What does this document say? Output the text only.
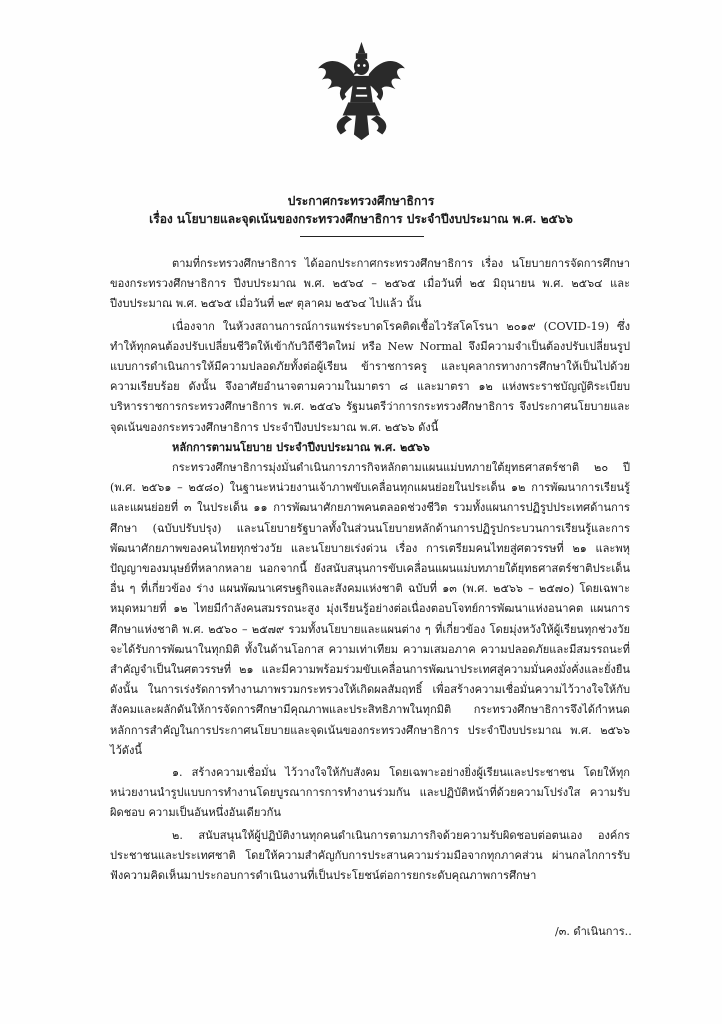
ประกาศกระทรวงศึกษาธิการ
เรื่อง นโยบายและจุดเน้นของกระทรวงศึกษาธิการ ประจำปีงบประมาณ พ.ศ. ๒๕๖๖

ตามที่กระทรวงศึกษาธิการ ได้ออกประกาศกระทรวงศึกษาธิการ เรื่อง นโยบายการจัดการศึกษาของกระทรวงศึกษาธิการ ปีงบประมาณ พ.ศ. ๒๕๖๔ – ๒๕๖๕ เมื่อวันที่ ๒๕ มิถุนายน พ.ศ. ๒๕๖๔ และปีงบประมาณ พ.ศ. ๒๕๖๕ เมื่อวันที่ ๒๙ ตุลาคม ๒๕๖๔ ไปแล้ว นั้น

เนื่องจาก ในห้วงสถานการณ์การแพร่ระบาดโรคติดเชื้อไวรัสโคโรนา ๒๐๑๙ (COVID-19) ซึ่งทำให้ทุกคนต้องปรับเปลี่ยนชีวิตให้เข้ากับวิถีชีวิตใหม่ หรือ New Normal จึงมีความจำเป็นต้องปรับเปลี่ยนรูปแบบการดำเนินการให้มีความปลอดภัยทั้งต่อผู้เรียน ข้าราชการครู และบุคลากรทางการศึกษาให้เป็นไปด้วยความเรียบร้อย ดังนั้น จึงอาศัยอำนาจตามความในมาตรา ๘ และมาตรา ๑๒ แห่งพระราชบัญญัติระเบียบบริหารราชการกระทรวงศึกษาธิการ พ.ศ. ๒๕๔๖ รัฐมนตรีว่าการกระทรวงศึกษาธิการ จึงประกาศนโยบายและจุดเน้นของกระทรวงศึกษาธิการ ประจำปีงบประมาณ พ.ศ. ๒๕๖๖ ดังนี้

หลักการตามนโยบาย ประจำปีงบประมาณ พ.ศ. ๒๕๖๖

กระทรวงศึกษาธิการมุ่งมั่นดำเนินการภารกิจหลักตามแผนแม่บทภายใต้ยุทธศาสตร์ชาติ ๒๐ ปี (พ.ศ. ๒๕๖๑ – ๒๕๘๐) ในฐานะหน่วยงานเจ้าภาพขับเคลื่อนทุกแผนย่อยในประเด็น ๑๒ การพัฒนาการเรียนรู้ และแผนย่อยที่ ๓ ในประเด็น ๑๑ การพัฒนาศักยภาพคนตลอดช่วงชีวิต รวมทั้งแผนการปฏิรูปประเทศด้านการศึกษา (ฉบับปรับปรุง) และนโยบายรัฐบาลทั้งในส่วนนโยบายหลักด้านการปฏิรูปกระบวนการเรียนรู้และการพัฒนาศักยภาพของคนไทยทุกช่วงวัย และนโยบายเร่งด่วน เรื่อง การเตรียมคนไทยสู่ศตวรรษที่ ๒๑ และพหุปัญญาของมนุษย์ที่หลากหลาย นอกจากนี้ ยังสนับสนุนการขับเคลื่อนแผนแม่บทภายใต้ยุทธศาสตร์ชาติประเด็นอื่น ๆ ที่เกี่ยวข้อง ร่าง แผนพัฒนาเศรษฐกิจและสังคมแห่งชาติ ฉบับที่ ๑๓ (พ.ศ. ๒๕๖๖ – ๒๕๗๐) โดยเฉพาะหมุดหมายที่ ๑๒ ไทยมีกำลังคนสมรรถนะสูง มุ่งเรียนรู้อย่างต่อเนื่องตอบโจทย์การพัฒนาแห่งอนาคต แผนการศึกษาแห่งชาติ พ.ศ. ๒๕๖๐ – ๒๕๗๙ รวมทั้งนโยบายและแผนต่าง ๆ ที่เกี่ยวข้อง โดยมุ่งหวังให้ผู้เรียนทุกช่วงวัยจะได้รับการพัฒนาในทุกมิติ ทั้งในด้านโอกาส ความเท่าเทียม ความเสมอภาค ความปลอดภัยและมีสมรรถนะที่สำคัญจำเป็นในศตวรรษที่ ๒๑ และมีความพร้อมร่วมขับเคลื่อนการพัฒนาประเทศสู่ความมั่นคงมั่งคั่งและยั่งยืน ดังนั้น ในการเร่งรัดการทำงานภาพรวมกระทรวงให้เกิดผลสัมฤทธิ์ เพื่อสร้างความเชื่อมั่นความไว้วางใจให้กับสังคมและผลักดันให้การจัดการศึกษามีคุณภาพและประสิทธิภาพในทุกมิติ กระทรวงศึกษาธิการจึงได้กำหนดหลักการสำคัญในการประกาศนโยบายและจุดเน้นของกระทรวงศึกษาธิการ ประจำปีงบประมาณ พ.ศ. ๒๕๖๖ ไว้ดังนี้

๑. สร้างความเชื่อมั่น ไว้วางใจให้กับสังคม โดยเฉพาะอย่างยิ่งผู้เรียนและประชาชน โดยให้ทุกหน่วยงานนำรูปแบบการทำงานโดยบูรณาการการทำงานร่วมกัน และปฏิบัติหน้าที่ด้วยความโปร่งใส ความรับผิดชอบ ความเป็นอันหนึ่งอันเดียวกัน

๒. สนับสนุนให้ผู้ปฏิบัติงานทุกคนดำเนินการตามภารกิจด้วยความรับผิดชอบต่อตนเอง องค์กร ประชาชนและประเทศชาติ โดยให้ความสำคัญกับการประสานความร่วมมือจากทุกภาคส่วน ผ่านกลไกการรับฟังความคิดเห็นมาประกอบการดำเนินงานที่เป็นประโยชน์ต่อการยกระดับคุณภาพการศึกษา

/๓. ดำเนินการ..
